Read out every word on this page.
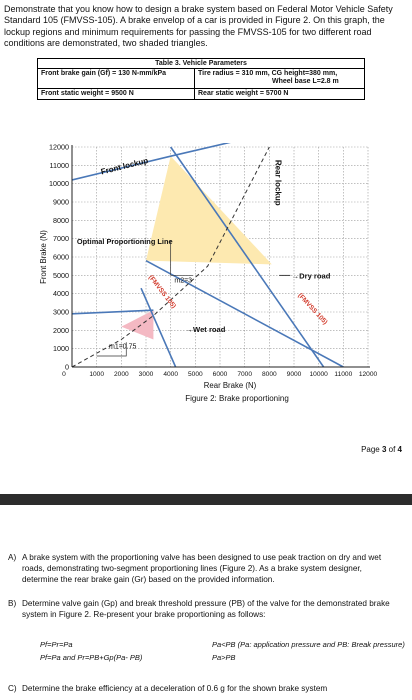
Demonstrate that you know how to design a brake system based on Federal Motor Vehicle Safety Standard 105 (FMVSS-105). A brake envelop of a car is provided in Figure 2. On this graph, the lockup regions and minimum requirements for passing the FMVSS-105 for two different road conditions are demonstrated, two shaded triangles.
Table 3. Vehicle Parameters
Front brake gain (Gf) = 130 N-mm/kPa	Tire radius = 310 mm, CG height=380 mm,
Wheel base L=2.8 m
Front static weight = 9500 N	Rear static weight = 5700 N
0
1000
2000
3000
4000
5000
6000
7000
8000
9000
10000
11000
12000
0	1000 2000 3000 4000 5000 6000 7000 8000 9000 10000 11000 12000
Rear Brake (N)
Front Brake (N)
Front lockup	Rear lockup
Optimal Proportioning Line
→Dry road
→Wet road
(FMVSS 105)	(FMVSS 105)
m2=3
m1=0.75
Figure 2: Brake proportioning
Page 3 of 4
A) A brake system with the proportioning valve has been designed to use peak traction on dry and wet roads, demonstrating two-segment proportioning lines (Figure 2). As a brake system designer, determine the rear brake gain (Gr) based on the provided information.
B) Determine valve gain (Gp) and break threshold pressure (PB) of the valve for the demonstrated brake system in Figure 2. Re-present your brake proportioning as follows:
Pf=Pr=Pa	Pa<PB (Pa: application pressure and PB: Break pressure)
Pf=Pa and Pr=PB+Gp(Pa- PB)	Pa>PB
C) Determine the brake efficiency at a deceleration of 0.6 g for the shown brake system
